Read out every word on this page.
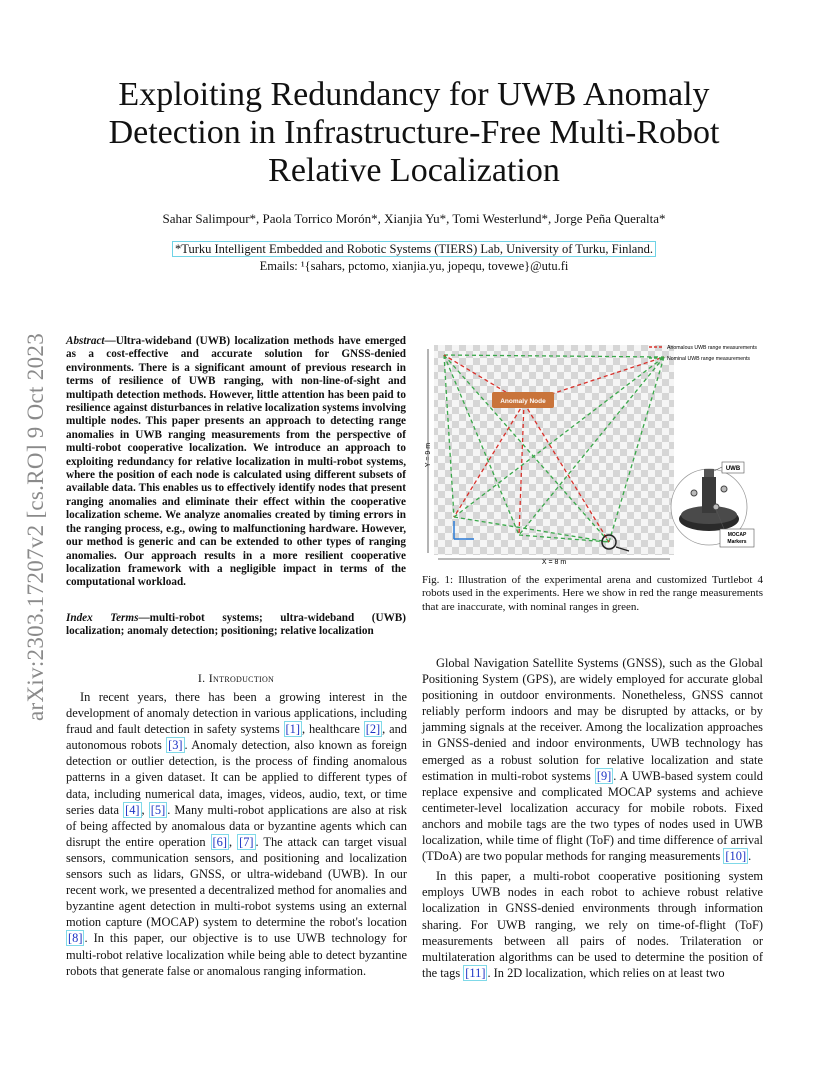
arXiv:2303.17207v2 [cs.RO] 9 Oct 2023
Exploiting Redundancy for UWB Anomaly Detection in Infrastructure-Free Multi-Robot Relative Localization
Sahar Salimpour*, Paola Torrico Morón*, Xianjia Yu*, Tomi Westerlund*, Jorge Peña Queralta*
*Turku Intelligent Embedded and Robotic Systems (TIERS) Lab, University of Turku, Finland.
Emails: ¹{sahars, pctomo, xianjia.yu, jopequ, tovewe}@utu.fi
Abstract—Ultra-wideband (UWB) localization methods have emerged as a cost-effective and accurate solution for GNSS-denied environments. There is a significant amount of previous research in terms of resilience of UWB ranging, with non-line-of-sight and multipath detection methods. However, little attention has been paid to resilience against disturbances in relative localization systems involving multiple nodes. This paper presents an approach to detecting range anomalies in UWB ranging measurements from the perspective of multi-robot cooperative localization. We introduce an approach to exploiting redundancy for relative localization in multi-robot systems, where the position of each node is calculated using different subsets of available data. This enables us to effectively identify nodes that present ranging anomalies and eliminate their effect within the cooperative localization scheme. We analyze anomalies created by timing errors in the ranging process, e.g., owing to malfunctioning hardware. However, our method is generic and can be extended to other types of ranging anomalies. Our approach results in a more resilient cooperative localization framework with a negligible impact in terms of the computational workload.
Index Terms—multi-robot systems; ultra-wideband (UWB) localization; anomaly detection; positioning; relative localization
I. Introduction

In recent years, there has been a growing interest in the development of anomaly detection in various applications, including fraud and fault detection in safety systems [1] , healthcare [2] , and autonomous robots [3] . Anomaly detection, also known as foreign detection or outlier detection, is the process of finding anomalous patterns in a given dataset. It can be applied to different types of data, including numerical data, images, videos, audio, text, or time series data [4] , [5] . Many multi-robot applications are also at risk of being affected by anomalous data or byzantine agents which can disrupt the entire operation [6] , [7] . The attack can target visual sensors, communication sensors, and positioning and localization sensors such as lidars, GNSS, or ultra-wideband (UWB). In our recent work, we presented a decentralized method for anomalies and byzantine agent detection in multi-robot systems using an external motion capture (MOCAP) system to determine the robot's location [8] . In this paper, our objective is to use UWB technology for multi-robot relative localization while being able to detect byzantine robots that generate false or anomalous ranging information.

Anomaly Node
X = 8 m
Y = 9 m
Anomalous UWB range measurements
Nominal UWB range measurements
UWB
MOCAP
Markers
Fig. 1: Illustration of the experimental arena and customized Turtlebot 4 robots used in the experiments. Here we show in red the range measurements that are inaccurate, with nominal ranges in green.

Global Navigation Satellite Systems (GNSS), such as the Global Positioning System (GPS), are widely employed for accurate global positioning in outdoor environments. Nonetheless, GNSS cannot reliably perform indoors and may be disrupted by attacks, or by jamming signals at the receiver. Among the localization approaches in GNSS-denied and indoor environments, UWB technology has emerged as a robust solution for relative localization and state estimation in multi-robot systems [9] . A UWB-based system could replace expensive and complicated MOCAP systems and achieve centimeter-level localization accuracy for mobile robots. Fixed anchors and mobile tags are the two types of nodes used in UWB localization, while time of flight (ToF) and time difference of arrival (TDoA) are two popular methods for ranging measurements [10] .

In this paper, a multi-robot cooperative positioning system employs UWB nodes in each robot to achieve robust relative localization in GNSS-denied environments through information sharing. For UWB ranging, we rely on time-of-flight (ToF) measurements between all pairs of nodes. Trilateration or multilateration algorithms can be used to determine the position of the tags [11] . In 2D localization, which relies on at least two
